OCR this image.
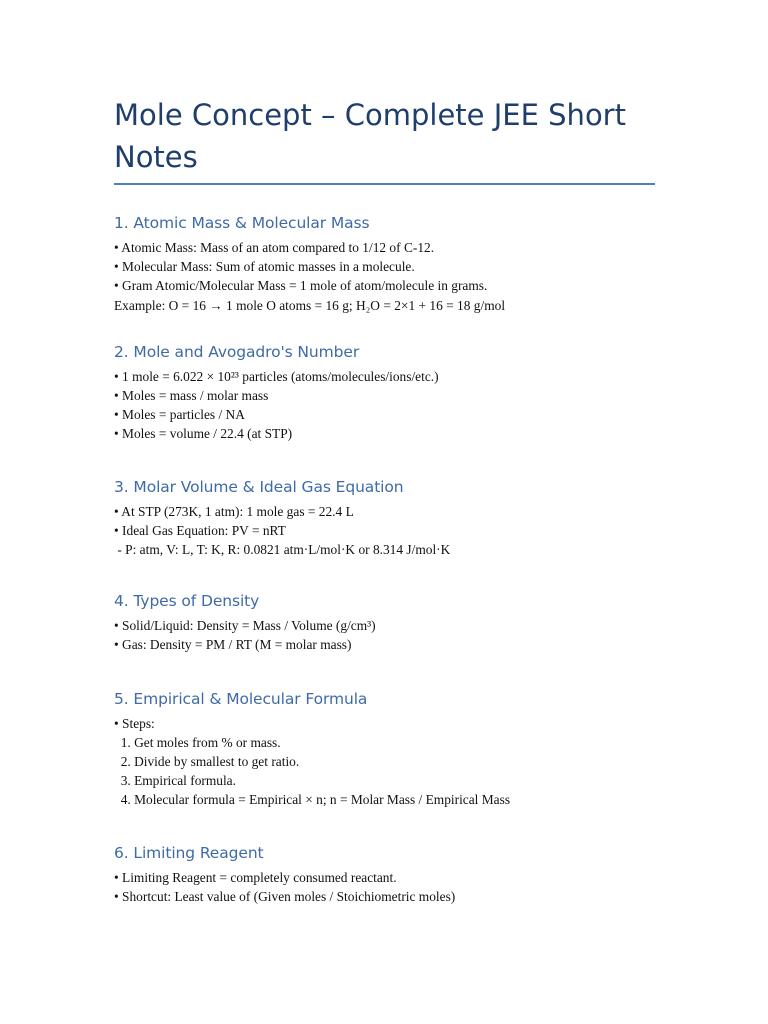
Mole Concept – Complete JEE Short Notes
1. Atomic Mass & Molecular Mass
• Atomic Mass: Mass of an atom compared to 1/12 of C-12.
• Molecular Mass: Sum of atomic masses in a molecule.
• Gram Atomic/Molecular Mass = 1 mole of atom/molecule in grams.
Example: O = 16 → 1 mole O atoms = 16 g; H₂O = 2×1 + 16 = 18 g/mol
2. Mole and Avogadro's Number
• 1 mole = 6.022 × 10²³ particles (atoms/molecules/ions/etc.)
• Moles = mass / molar mass
• Moles = particles / NA
• Moles = volume / 22.4 (at STP)
3. Molar Volume & Ideal Gas Equation
• At STP (273K, 1 atm): 1 mole gas = 22.4 L
• Ideal Gas Equation: PV = nRT
- P: atm, V: L, T: K, R: 0.0821 atm·L/mol·K or 8.314 J/mol·K
4. Types of Density
• Solid/Liquid: Density = Mass / Volume (g/cm³)
• Gas: Density = PM / RT (M = molar mass)
5. Empirical & Molecular Formula
• Steps:
1. Get moles from % or mass.
2. Divide by smallest to get ratio.
3. Empirical formula.
4. Molecular formula = Empirical × n; n = Molar Mass / Empirical Mass
6. Limiting Reagent
• Limiting Reagent = completely consumed reactant.
• Shortcut: Least value of (Given moles / Stoichiometric moles)
